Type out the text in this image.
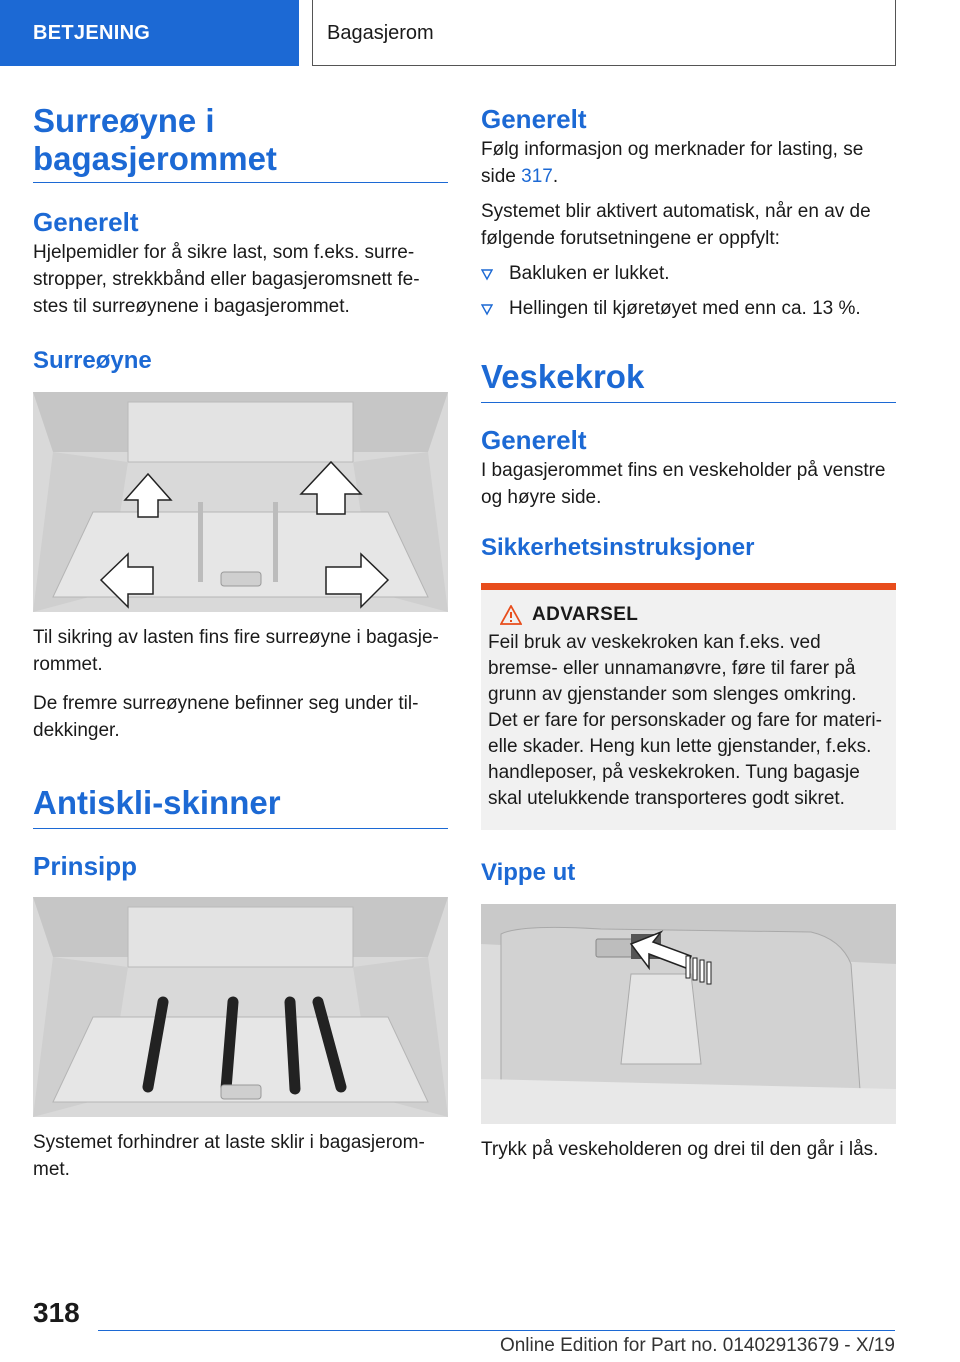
BETJENING	Bagasjerom
Surreøyne i bagasjerommet
Generelt

Hjelpemidler for å sikre last, som f.eks. surrestropper, strekkbånd eller bagasjeromsnett festes til surreøynene i bagasjerommet.

Surreøyne

Til sikring av lasten fins fire surreøyne i bagasjerommet.

De fremre surreøynene befinner seg under tildekkinger.

Antiskli-skinner
Prinsipp

Systemet forhindrer at laste sklir i bagasjerommet.

Generelt

Følg informasjon og merknader for lasting, se side 317.

Systemet blir aktivert automatisk, når en av de følgende forutsetningene er oppfylt:

Bakluken er lukket.
Hellingen til kjøretøyet med enn ca. 13 %.
Veskekrok
Generelt

I bagasjerommet fins en veskeholder på venstre og høyre side.

Sikkerhetsinstruksjoner
ADVARSEL

Feil bruk av veskekroken kan f.eks. ved bremse- eller unnamanøvre, føre til farer på grunn av gjenstander som slenges omkring. Det er fare for personskader og fare for materielle skader. Heng kun lette gjenstander, f.eks. handleposer, på veskekroken. Tung bagasje skal utelukkende transporteres godt sikret.

Vippe ut

Trykk på veskeholderen og drei til den går i lås.

318
Online Edition for Part no. 01402913679 - X/19
